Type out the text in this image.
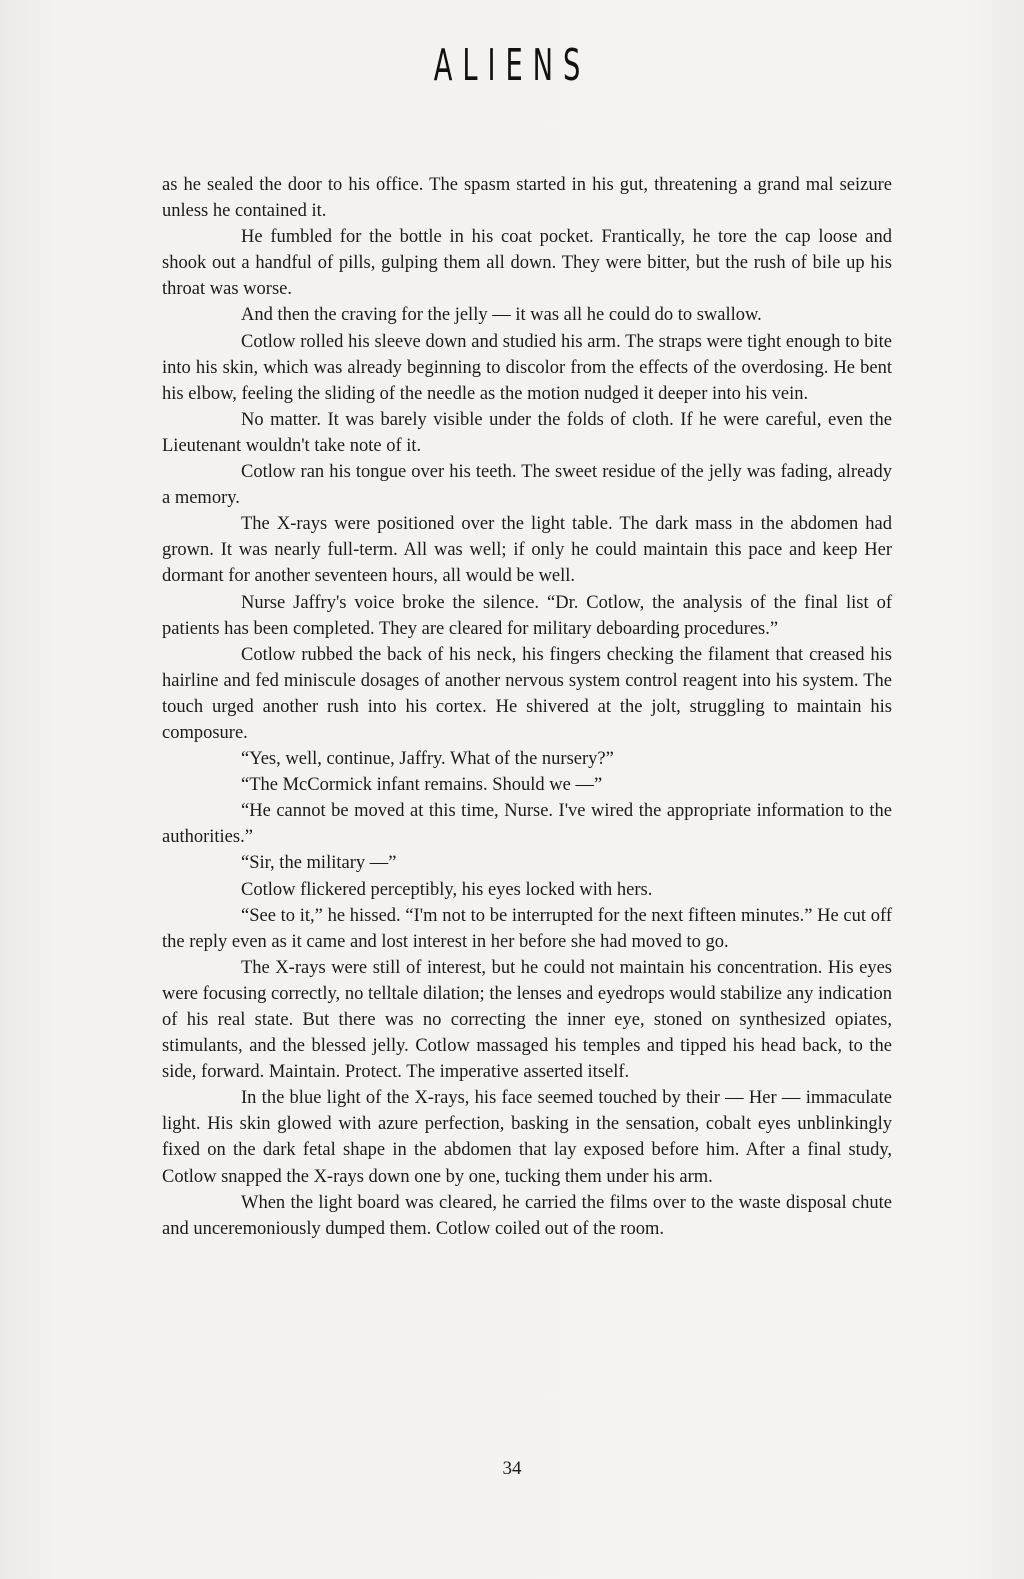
ALIENS

as he sealed the door to his office. The spasm started in his gut, threatening a grand mal seizure unless he contained it.

He fumbled for the bottle in his coat pocket. Frantically, he tore the cap loose and shook out a handful of pills, gulping them all down. They were bitter, but the rush of bile up his throat was worse.

And then the craving for the jelly — it was all he could do to swallow.

Cotlow rolled his sleeve down and studied his arm. The straps were tight enough to bite into his skin, which was already beginning to discolor from the effects of the overdosing. He bent his elbow, feeling the sliding of the needle as the motion nudged it deeper into his vein.

No matter. It was barely visible under the folds of cloth. If he were careful, even the Lieutenant wouldn't take note of it.

Cotlow ran his tongue over his teeth. The sweet residue of the jelly was fading, already a memory.

The X-rays were positioned over the light table. The dark mass in the abdomen had grown. It was nearly full-term. All was well; if only he could maintain this pace and keep Her dormant for another seventeen hours, all would be well.

Nurse Jaffry's voice broke the silence. “Dr. Cotlow, the analysis of the final list of patients has been completed. They are cleared for military deboarding procedures.”

Cotlow rubbed the back of his neck, his fingers checking the filament that creased his hairline and fed miniscule dosages of another nervous system control reagent into his system. The touch urged another rush into his cortex. He shivered at the jolt, struggling to maintain his composure.

“Yes, well, continue, Jaffry. What of the nursery?”

“The McCormick infant remains. Should we —”

“He cannot be moved at this time, Nurse. I've wired the appropriate information to the authorities.”

“Sir, the military —”

Cotlow flickered perceptibly, his eyes locked with hers.

“See to it,” he hissed. “I'm not to be interrupted for the next fifteen minutes.” He cut off the reply even as it came and lost interest in her before she had moved to go.

The X-rays were still of interest, but he could not maintain his concentration. His eyes were focusing correctly, no telltale dilation; the lenses and eyedrops would stabilize any indication of his real state. But there was no correcting the inner eye, stoned on synthesized opiates, stimulants, and the blessed jelly. Cotlow massaged his temples and tipped his head back, to the side, forward. Maintain. Protect. The imperative asserted itself.

In the blue light of the X-rays, his face seemed touched by their — Her — immaculate light. His skin glowed with azure perfection, basking in the sensation, cobalt eyes unblinkingly fixed on the dark fetal shape in the abdomen that lay exposed before him. After a final study, Cotlow snapped the X-rays down one by one, tucking them under his arm.

When the light board was cleared, he carried the films over to the waste disposal chute and unceremoniously dumped them. Cotlow coiled out of the room.

34
